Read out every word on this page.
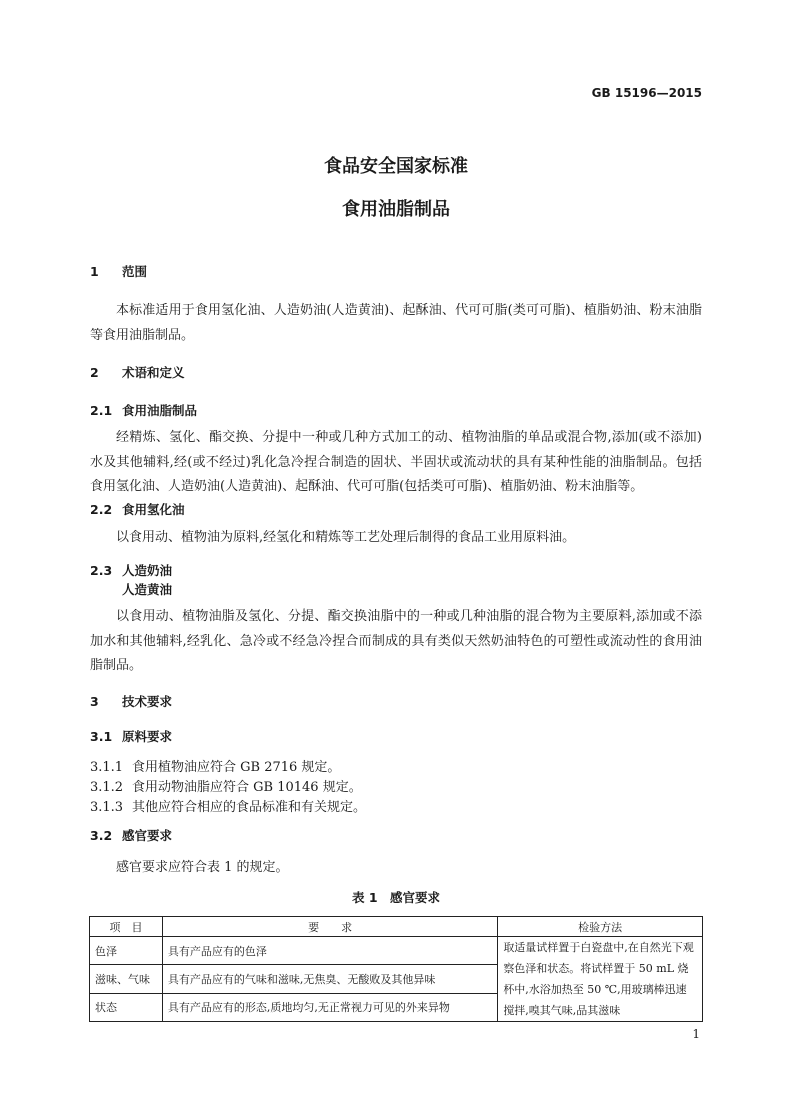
GB 15196—2015
食品安全国家标准
食用油脂制品
1 范围
本标准适用于食用氢化油、人造奶油(人造黄油)、起酥油、代可可脂(类可可脂)、植脂奶油、粉末油脂等食用油脂制品。
2 术语和定义
2.1 食用油脂制品
经精炼、氢化、酯交换、分提中一种或几种方式加工的动、植物油脂的单品或混合物,添加(或不添加)水及其他辅料,经(或不经过)乳化急冷捏合制造的固状、半固状或流动状的具有某种性能的油脂制品。包括食用氢化油、人造奶油(人造黄油)、起酥油、代可可脂(包括类可可脂)、植脂奶油、粉末油脂等。
2.2 食用氢化油
以食用动、植物油为原料,经氢化和精炼等工艺处理后制得的食品工业用原料油。
2.3 人造奶油
人造黄油
以食用动、植物油脂及氢化、分提、酯交换油脂中的一种或几种油脂的混合物为主要原料,添加或不添加水和其他辅料,经乳化、急冷或不经急冷捏合而制成的具有类似天然奶油特色的可塑性或流动性的食用油脂制品。
3 技术要求
3.1 原料要求
3.1.1 食用植物油应符合 GB 2716 规定。
3.1.2 食用动物油脂应符合 GB 10146 规定。
3.1.3 其他应符合相应的食品标准和有关规定。
3.2 感官要求
感官要求应符合表 1 的规定。
表 1　感官要求
项　目	要　　求	检验方法
色泽	具有产品应有的色泽	取适量试样置于白瓷盘中,在自然光下观察色泽和状态。将试样置于 50 mL 烧杯中,水浴加热至 50 ℃,用玻璃棒迅速搅拌,嗅其气味,品其滋味
滋味、气味	具有产品应有的气味和滋味,无焦臭、无酸败及其他异味	
状态	具有产品应有的形态,质地均匀,无正常视力可见的外来异物	
1
